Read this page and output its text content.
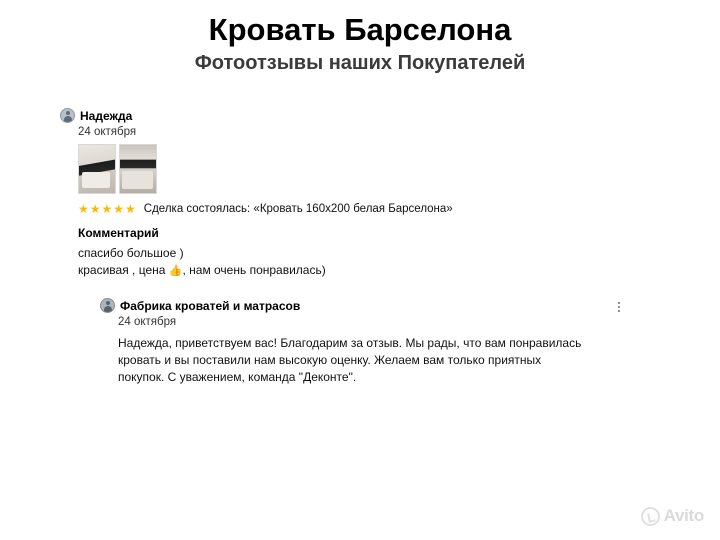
Кровать Барселона
Фотоотзывы наших Покупателей
Надежда
24 октября
★★★★★ Сделка состоялась: «Кровать 160х200 белая Барселона»
Комментарий
спасибо большое )
красивая , цена 👍, нам очень понравилась)
Фабрика кроватей и матрасов
24 октября
Надежда, приветствуем вас! Благодарим за отзыв. Мы рады, что вам понравилась кровать и вы поставили нам высокую оценку. Желаем вам только приятных покупок. С уважением, команда "Деконте".
Avito
